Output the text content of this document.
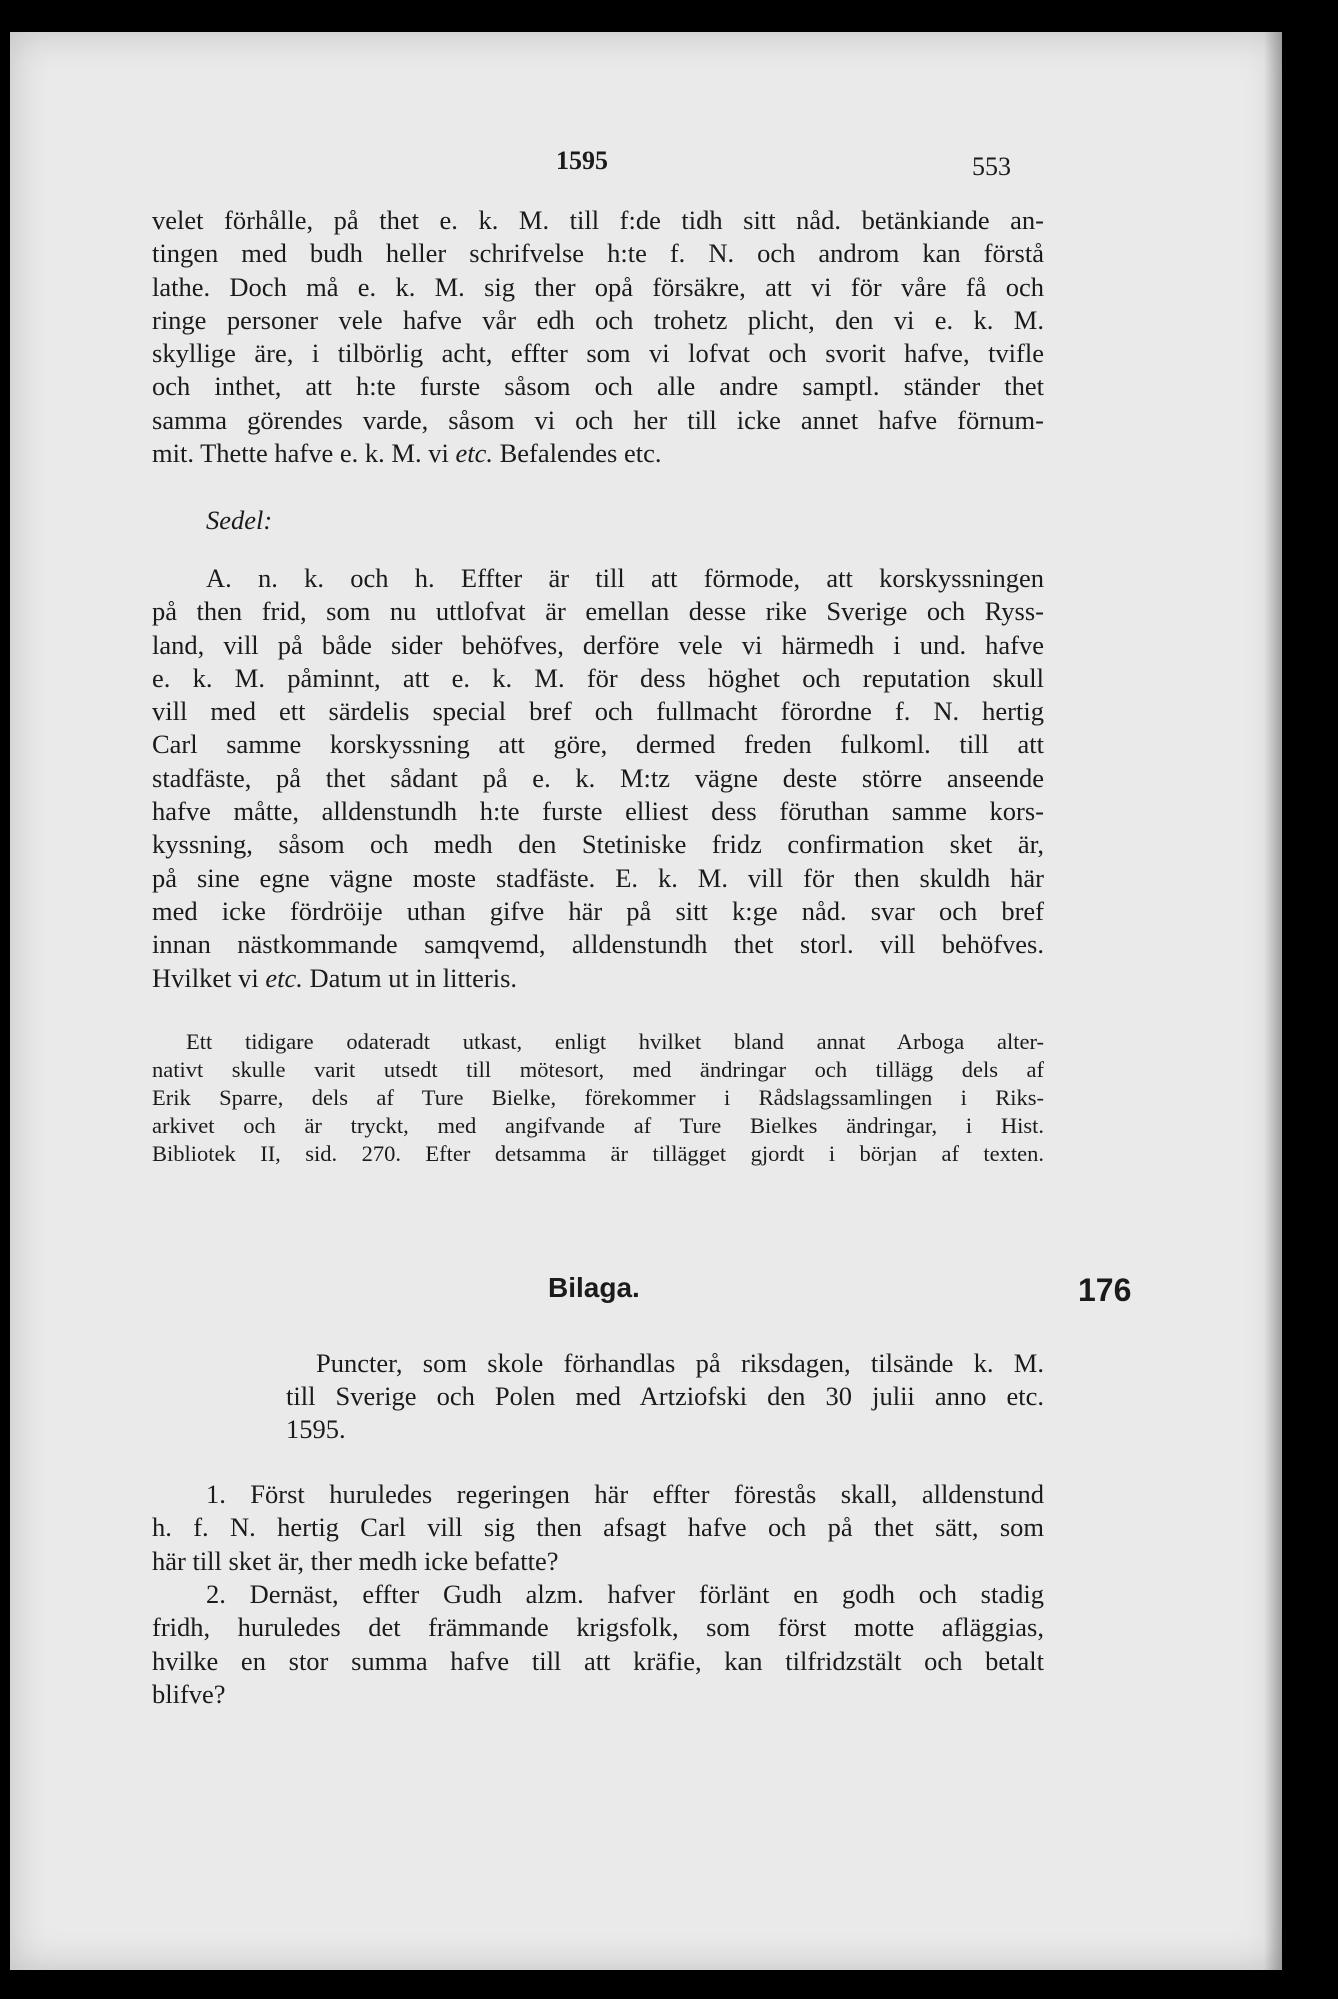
1595	553
velet förhålle, på thet e. k. M. till f:de tidh sitt nåd. betänkiande an-
tingen med budh heller schrifvelse h:te f. N. och androm kan förstå
lathe. Doch må e. k. M. sig ther opå försäkre, att vi för våre få och
ringe personer vele hafve vår edh och trohetz plicht, den vi e. k. M.
skyllige äre, i tilbörlig acht, effter som vi lofvat och svorit hafve, tvifle
och inthet, att h:te furste såsom och alle andre samptl. ständer thet
samma görendes varde, såsom vi och her till icke annet hafve förnum-
mit. Thette hafve e. k. M. vi etc. Befalendes etc.
Sedel:
A. n. k. och h. Effter är till att förmode, att korskyssningen
på then frid, som nu uttlofvat är emellan desse rike Sverige och Ryss-
land, vill på både sider behöfves, derföre vele vi härmedh i und. hafve
e. k. M. påminnt, att e. k. M. för dess höghet och reputation skull
vill med ett särdelis special bref och fullmacht förordne f. N. hertig
Carl samme korskyssning att göre, dermed freden fulkoml. till att
stadfäste, på thet sådant på e. k. M:tz vägne deste större anseende
hafve måtte, alldenstundh h:te furste elliest dess föruthan samme kors-
kyssning, såsom och medh den Stetiniske fridz confirmation sket är,
på sine egne vägne moste stadfäste. E. k. M. vill för then skuldh här
med icke fördröije uthan gifve här på sitt k:ge nåd. svar och bref
innan nästkommande samqvemd, alldenstundh thet storl. vill behöfves.
Hvilket vi etc. Datum ut in litteris.
Ett tidigare odateradt utkast, enligt hvilket bland annat Arboga alter-
nativt skulle varit utsedt till mötesort, med ändringar och tillägg dels af
Erik Sparre, dels af Ture Bielke, förekommer i Rådslagssamlingen i Riks-
arkivet och är tryckt, med angifvande af Ture Bielkes ändringar, i Hist.
Bibliotek II, sid. 270. Efter detsamma är tillägget gjordt i början af texten.
Bilaga.	176
Puncter, som skole förhandlas på riksdagen, tilsände k. M.
till Sverige och Polen med Artziofski den 30 julii anno etc.
1595.
1. Först huruledes regeringen här effter förestås skall, alldenstund
h. f. N. hertig Carl vill sig then afsagt hafve och på thet sätt, som
här till sket är, ther medh icke befatte?
2. Dernäst, effter Gudh alzm. hafver förlänt en godh och stadig
fridh, huruledes det främmande krigsfolk, som först motte afläggias,
hvilke en stor summa hafve till att kräfie, kan tilfridzstält och betalt
blifve?
